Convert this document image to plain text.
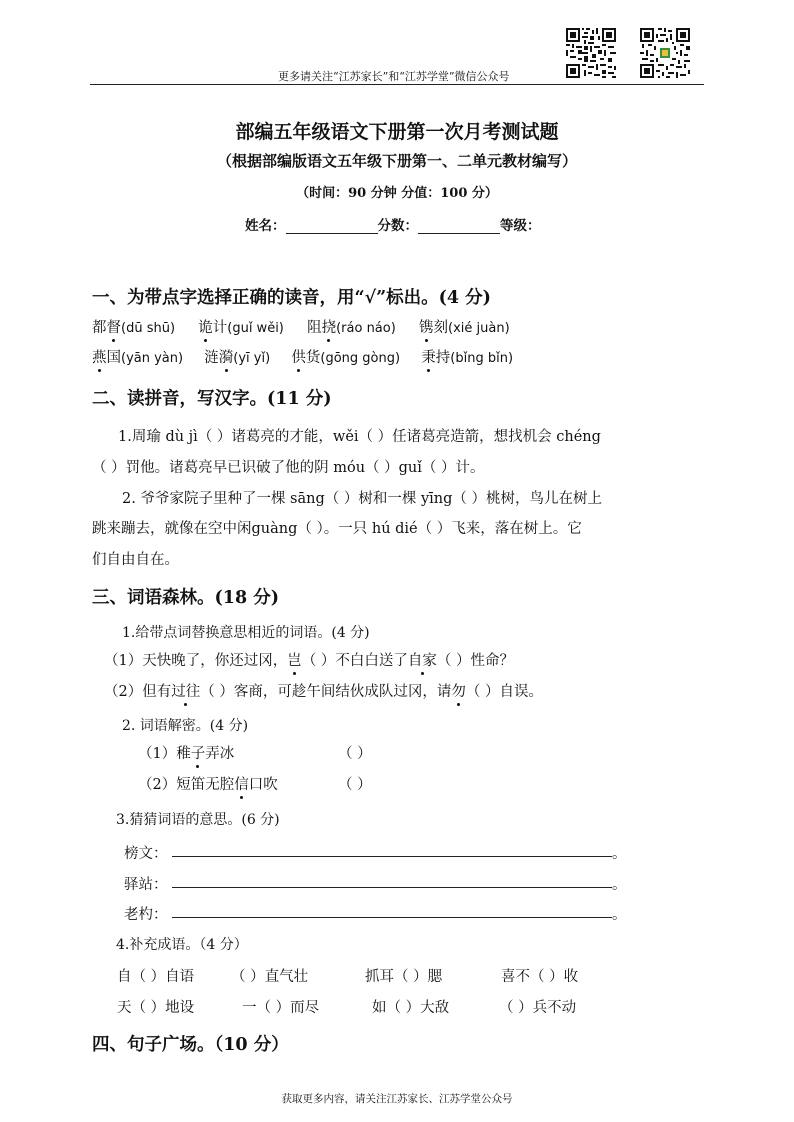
更多请关注“江苏家长”和“江苏学堂”微信公众号
部编五年级语文下册第一次月考测试题
（根据部编版语文五年级下册第一、二单元教材编写）
（时间：90 分钟 分值：100 分）
姓名：	分数：	等级：
一、为带点字选择正确的读音，用“√”标出。(4 分)
都督(dū shū) 诡计(guǐ wěi) 阻挠(ráo náo) 镌刻(xié juàn)
燕国(yān yàn) 涟漪(yī yǐ) 供货(gōng gòng) 秉持(bǐng bǐn)
二、读拼音，写汉字。(11 分)
1.周瑜 dù jì（ ）诸葛亮的才能，wěi（ ）任诸葛亮造箭，想找机会 chéng
（ ）罚他。诸葛亮早已识破了他的阴 móu（ ）guǐ（ ）计。
2. 爷爷家院子里种了一棵 sāng（ ）树和一棵 yīng（ ）桃树，鸟儿在树上
跳来蹦去，就像在空中闲guàng（ ）。一只 hú dié（ ）飞来，落在树上。它
们自由自在。
三、词语森林。(18 分)
1.给带点词替换意思相近的词语。(4 分)
（1）天快晚了，你还过冈，岂（ ）不白白送了自家（ ）性命？
（2）但有过往（ ）客商，可趁午间结伙成队过冈，请勿（ ）自误。
2. 词语解密。(4 分)
（1）稚子弄冰	（ ）
（2）短笛无腔信口吹	（ ）
3.猜猜词语的意思。(6 分)
榜文：	。
驿站：	。
老杓：	。
4.补充成语。（4 分）
自（ ）自语	（ ）直气壮	抓耳（ ）腮	喜不（ ）收
天（ ）地设	一（ ）而尽	如（ ）大敌	（ ）兵不动
四、句子广场。（10 分）
获取更多内容，请关注江苏家长、江苏学堂公众号
